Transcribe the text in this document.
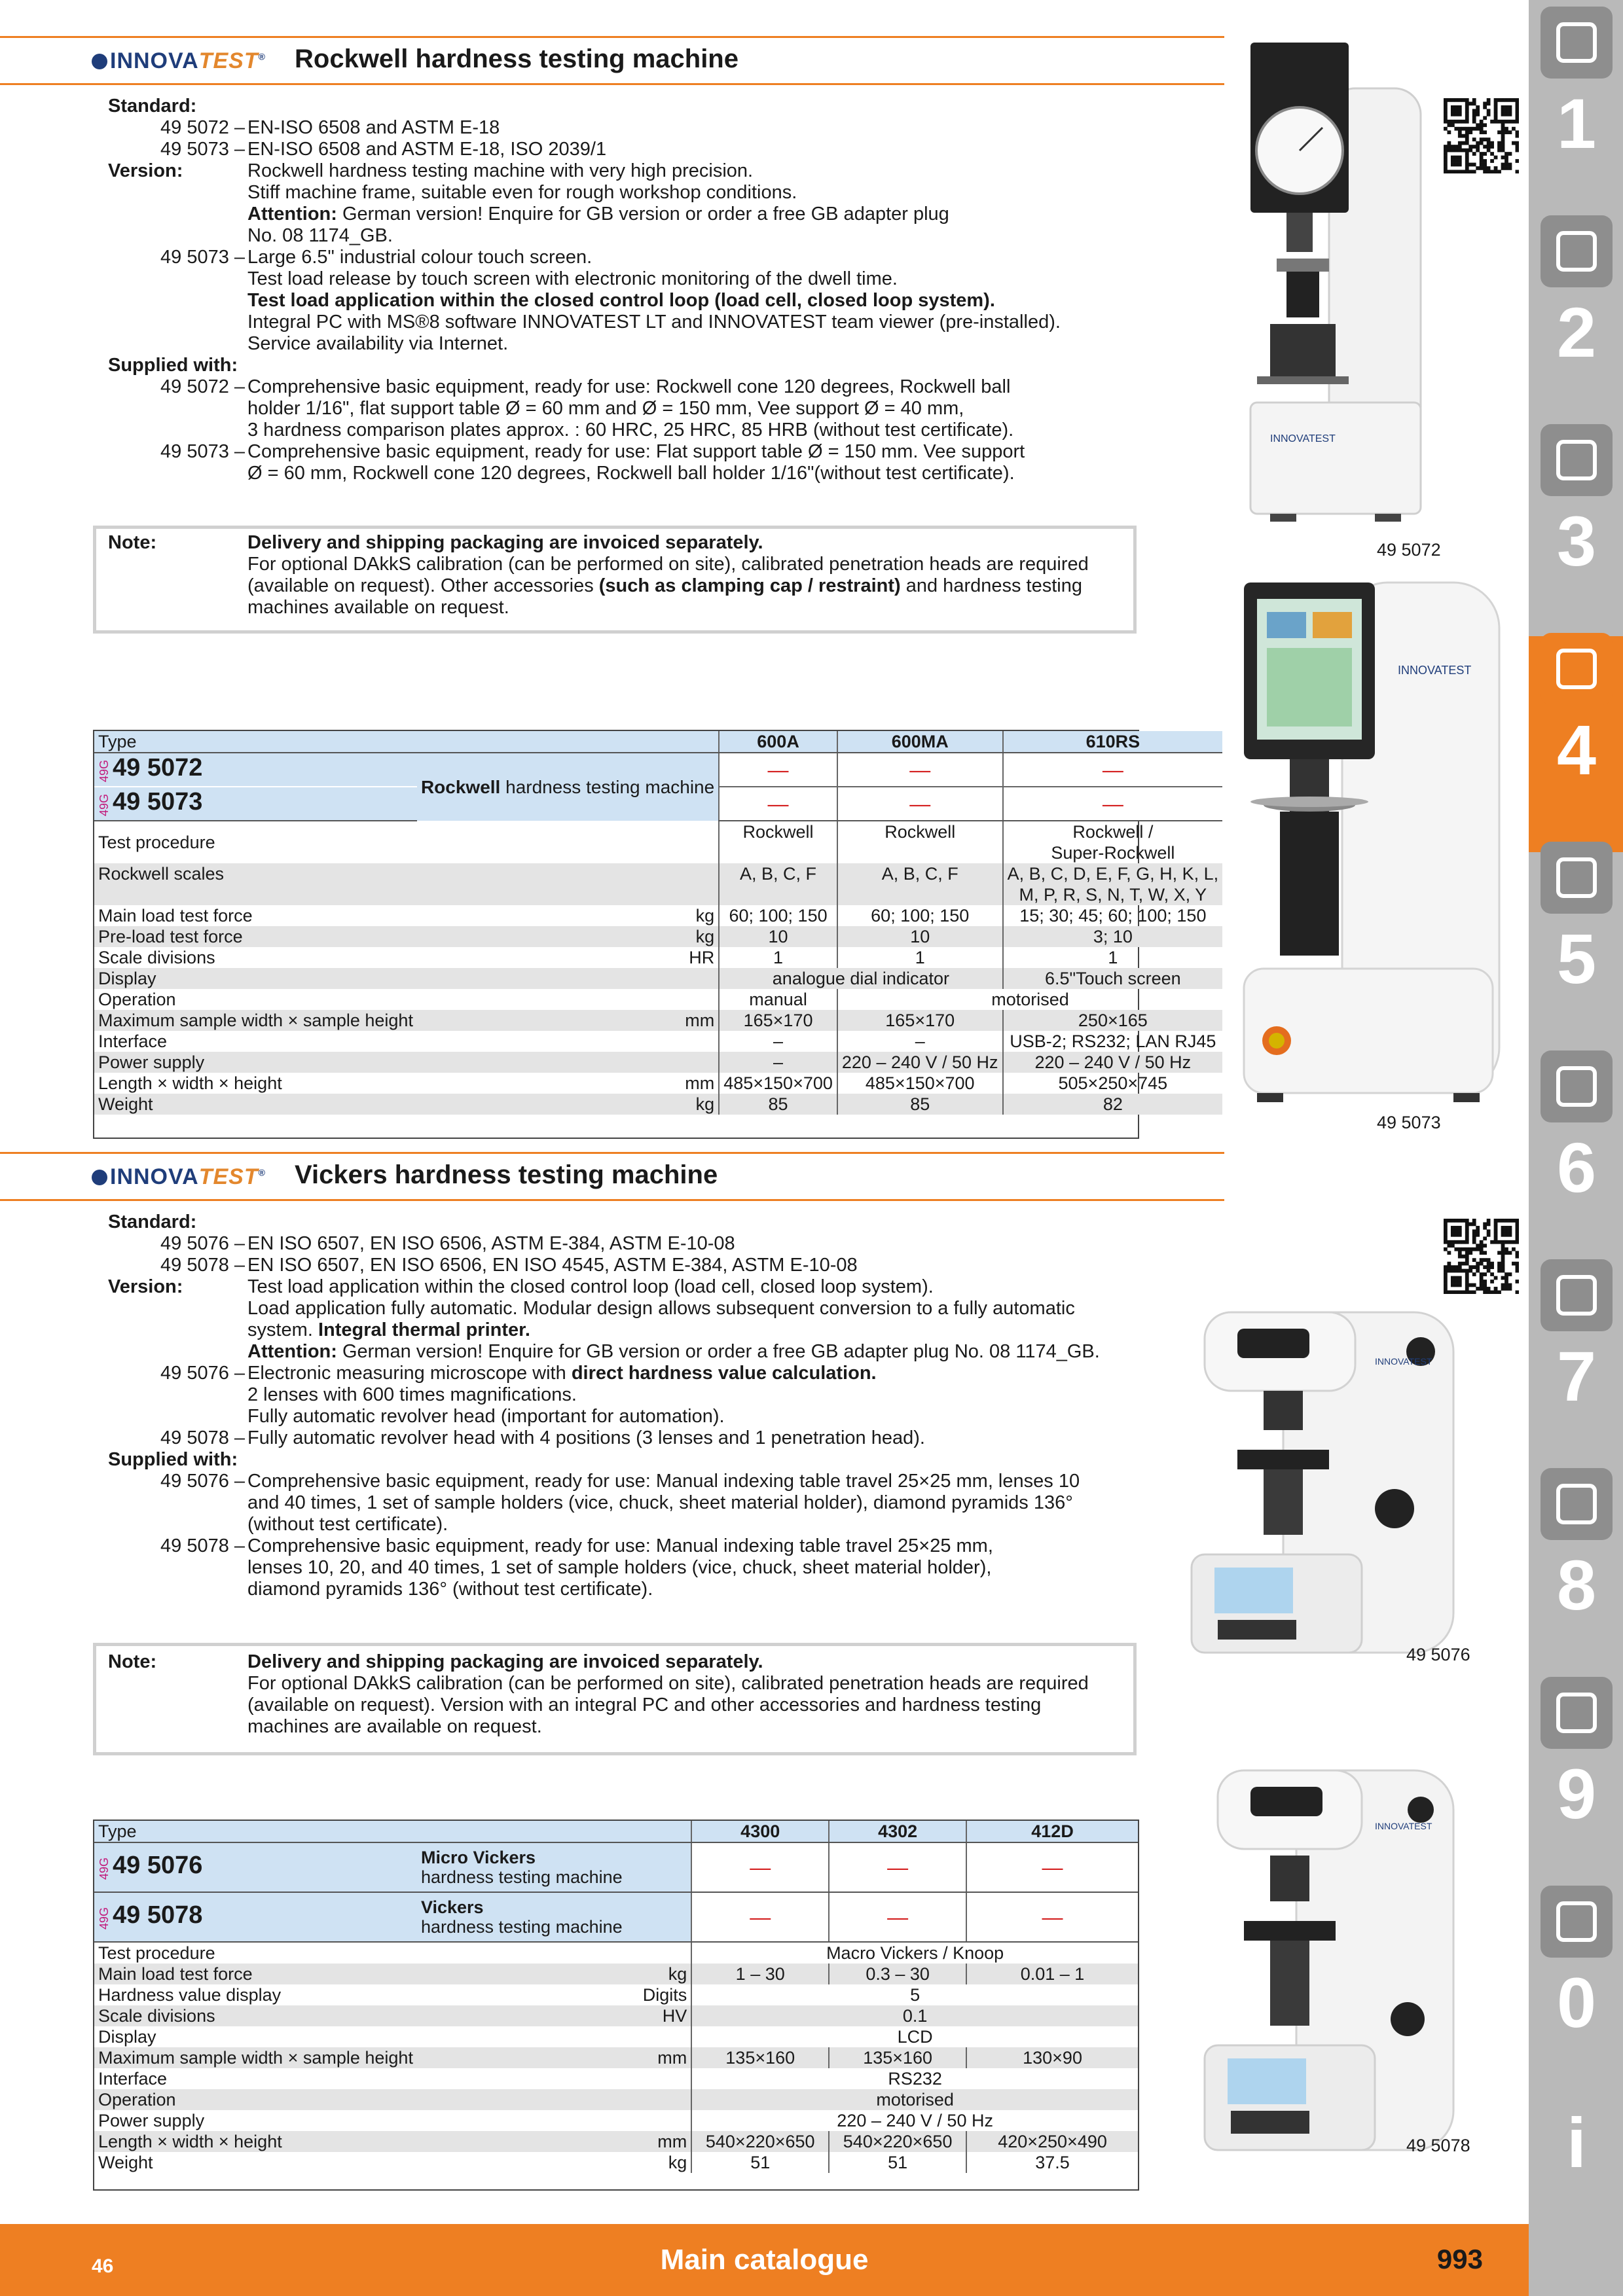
1
2
3
4
5
6
7
8
9
0
i
INNOVATEST® Rockwell hardness testing machine
Standard:
49 5072 – EN-ISO 6508 and ASTM E-18
49 5073 – EN-ISO 6508 and ASTM E-18, ISO 2039/1
Version:	Rockwell hardness testing machine with very high precision.
Stiff machine frame, suitable even for rough workshop conditions.
Attention: German version! Enquire for GB version or order a free GB adapter plug
No. 08 1174_GB.
49 5073 – Large 6.5" industrial colour touch screen.
Test load release by touch screen with electronic monitoring of the dwell time.
Test load application within the closed control loop (load cell, closed loop system).
Integral PC with MS®8 software INNOVATEST LT and INNOVATEST team viewer (pre-installed).
Service availability via Internet.
Supplied with:
49 5072 – Comprehensive basic equipment, ready for use: Rockwell cone 120 degrees, Rockwell ball
holder 1/16", flat support table Ø = 60 mm and Ø = 150 mm, Vee support Ø = 40 mm,
3 hardness comparison plates approx. : 60 HRC, 25 HRC, 85 HRB (without test certificate).
49 5073 – Comprehensive basic equipment, ready for use: Flat support table Ø = 150 mm. Vee support
Ø = 60 mm, Rockwell cone 120 degrees, Rockwell ball holder 1/16"(without test certificate).
Note:	Delivery and shipping packaging are invoiced separately.
For optional DAkkS calibration (can be performed on site), calibrated penetration heads are required
(available on request). Other accessories (such as clamping cap / restraint) and hardness testing
machines available on request.
INNOVATEST
49 5072
INNOVATEST
49 5073
Type		600A	600MA	610RS
49G49 5072	Rockwell hardness testing machine	—	—	—
49G49 5073		—	—	—
Test procedure		Rockwell	Rockwell	Rockwell /
Super-Rockwell

Rockwell scales		A, B, C, F	A, B, C, F	A, B, C, D, E, F, G, H, K, L,
M, P, R, S, N, T, W, X, Y

Main load test force	kg	60; 100; 150	60; 100; 150	15; 30; 45; 60; 100; 150
Pre-load test force	kg	10	10	3; 10
Scale divisions	HR	1	1	1
Display		analogue dial indicator		6.5"Touch screen
Operation		manual	motorised	
Maximum sample width × sample height	mm	165×170	165×170	250×165
Interface		–	–	USB-2; RS232; LAN RJ45
Power supply		–	220 – 240 V / 50 Hz	220 – 240 V / 50 Hz
Length × width × height	mm	485×150×700	485×150×700	505×250×745
Weight	kg	85	85	82
INNOVATEST® Vickers hardness testing machine
Standard:
49 5076 – EN ISO 6507, EN ISO 6506, ASTM E-384, ASTM E-10-08
49 5078 – EN ISO 6507, EN ISO 6506, EN ISO 4545, ASTM E-384, ASTM E-10-08
Version:	Test load application within the closed control loop (load cell, closed loop system).
Load application fully automatic. Modular design allows subsequent conversion to a fully automatic
system. Integral thermal printer.
Attention: German version! Enquire for GB version or order a free GB adapter plug No. 08 1174_GB.
49 5076 – Electronic measuring microscope with direct hardness value calculation.
2 lenses with 600 times magnifications.
Fully automatic revolver head (important for automation).
49 5078 – Fully automatic revolver head with 4 positions (3 lenses and 1 penetration head).
Supplied with:
49 5076 – Comprehensive basic equipment, ready for use: Manual indexing table travel 25×25 mm, lenses 10
and 40 times, 1 set of sample holders (vice, chuck, sheet material holder), diamond pyramids 136°
(without test certificate).
49 5078 – Comprehensive basic equipment, ready for use: Manual indexing table travel 25×25 mm,
lenses 10, 20, and 40 times, 1 set of sample holders (vice, chuck, sheet material holder),
diamond pyramids 136° (without test certificate).
Note:	Delivery and shipping packaging are invoiced separately.
For optional DAkkS calibration (can be performed on site), calibrated penetration heads are required
(available on request). Version with an integral PC and other accessories and hardness testing
machines are available on request.
INNOVATEST
49 5076
INNOVATEST
49 5078
Type		4300	4302	412D
49G49 5076	Micro Vickers
hardness testing machine	—	—	—
49G49 5078	Vickers
hardness testing machine	—	—	—
Test procedure		Macro Vickers / Knoop		
Main load test force	kg	1 – 30	0.3 – 30	0.01 – 1
Hardness value display	Digits	5		
Scale divisions	HV	0.1		
Display		LCD		
Maximum sample width × sample height	mm	135×160	135×160	130×90
Interface		RS232		
Operation		motorised		
Power supply		220 – 240 V / 50 Hz		
Length × width × height	mm	540×220×650	540×220×650	420×250×490
Weight	kg	51	51	37.5
46	Main catalogue	993
